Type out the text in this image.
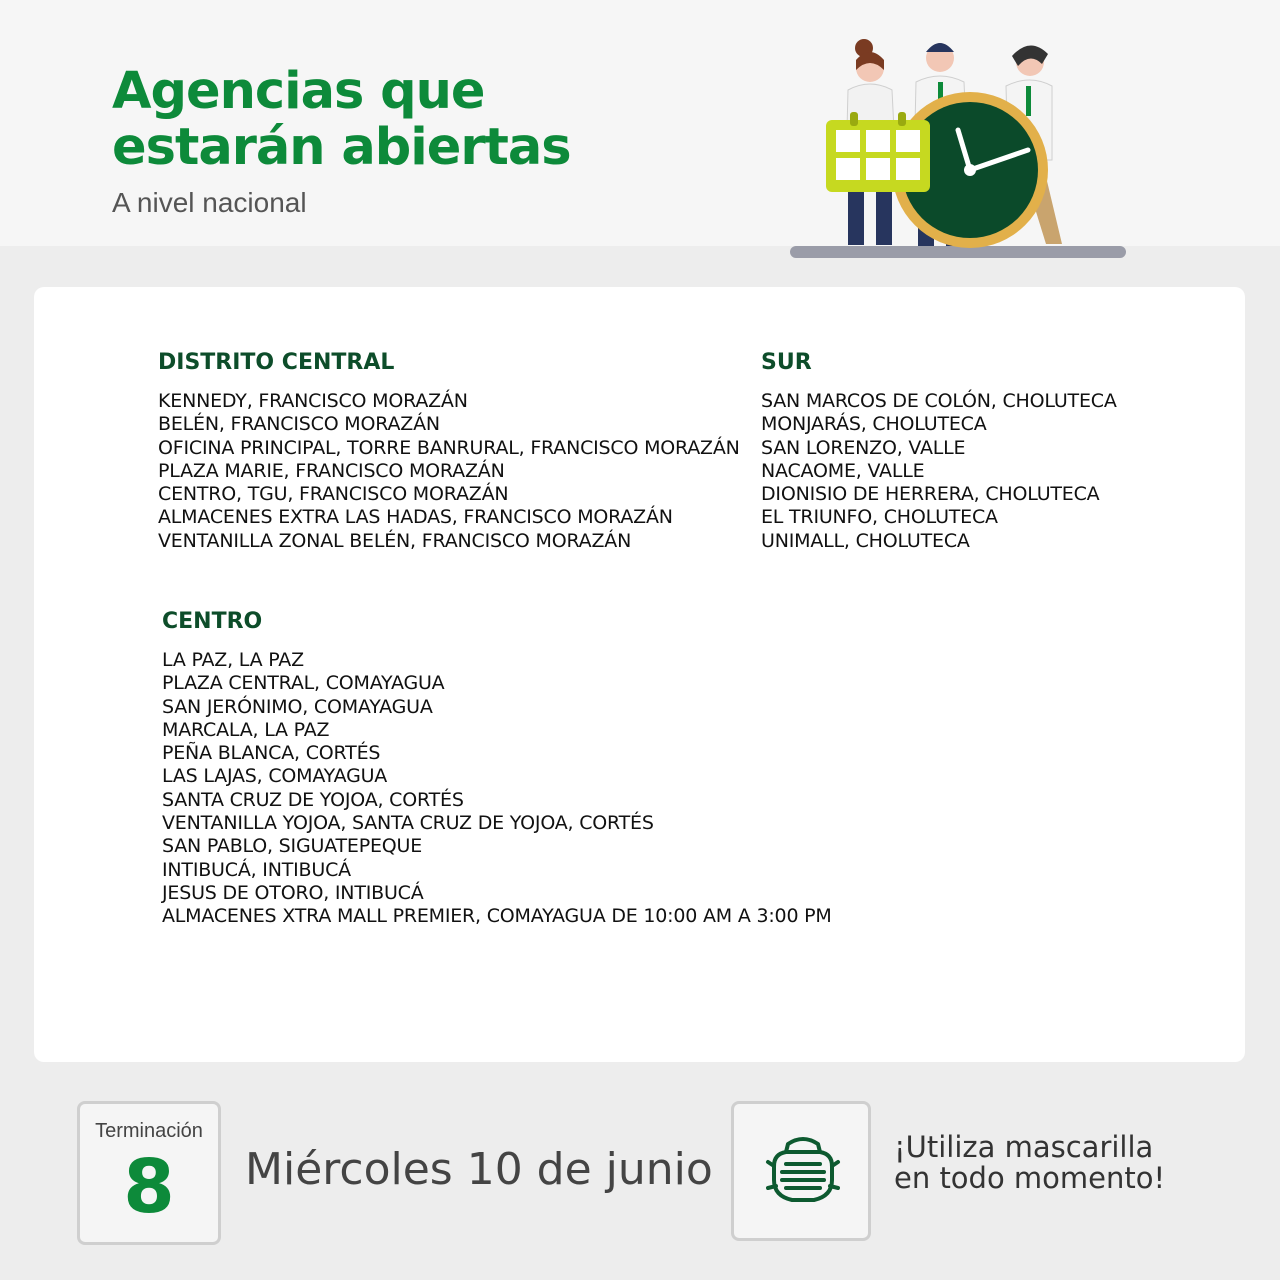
Agencias que
estarán abiertas
A nivel nacional
DISTRITO CENTRAL
KENNEDY, FRANCISCO MORAZÁN
BELÉN, FRANCISCO MORAZÁN
OFICINA PRINCIPAL, TORRE BANRURAL, FRANCISCO MORAZÁN
PLAZA MARIE, FRANCISCO MORAZÁN
CENTRO, TGU, FRANCISCO MORAZÁN
ALMACENES EXTRA LAS HADAS, FRANCISCO MORAZÁN
VENTANILLA ZONAL BELÉN, FRANCISCO MORAZÁN
SUR
SAN MARCOS DE COLÓN, CHOLUTECA
MONJARÁS, CHOLUTECA
SAN LORENZO, VALLE
NACAOME, VALLE
DIONISIO DE HERRERA, CHOLUTECA
EL TRIUNFO, CHOLUTECA
UNIMALL, CHOLUTECA
CENTRO
LA PAZ, LA PAZ
PLAZA CENTRAL, COMAYAGUA
SAN JERÓNIMO, COMAYAGUA
MARCALA, LA PAZ
PEÑA BLANCA, CORTÉS
LAS LAJAS, COMAYAGUA
SANTA CRUZ DE YOJOA, CORTÉS
VENTANILLA YOJOA, SANTA CRUZ DE YOJOA, CORTÉS
SAN PABLO, SIGUATEPEQUE
INTIBUCÁ, INTIBUCÁ
JESUS DE OTORO, INTIBUCÁ
ALMACENES XTRA MALL PREMIER, COMAYAGUA DE 10:00 AM A 3:00 PM
Terminación
8	Miércoles 10 de junio	¡Utiliza mascarilla
en todo momento!
